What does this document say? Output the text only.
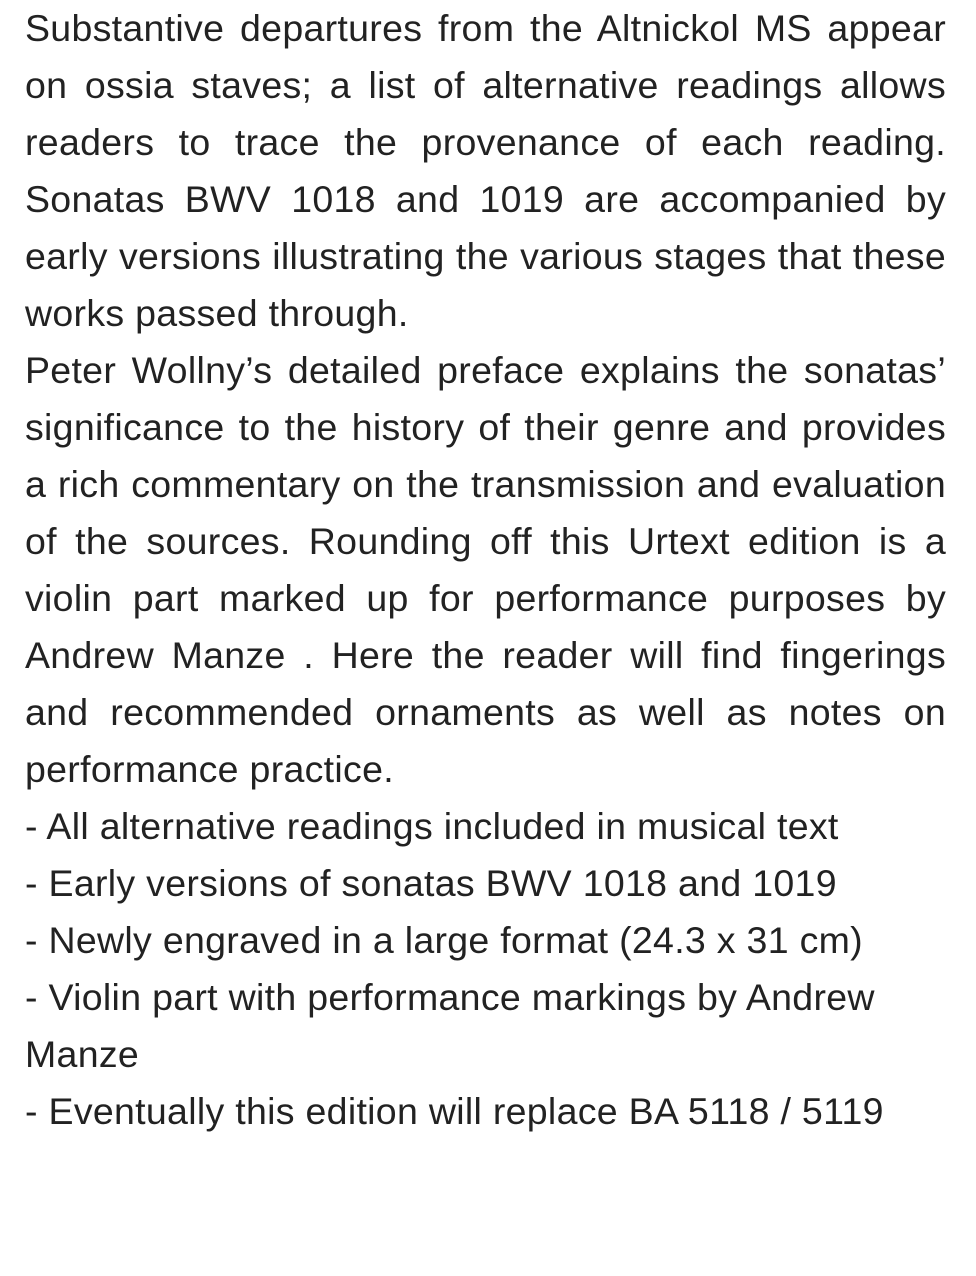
Substantive departures from the Altnickol MS appear on ossia staves; a list of alternative readings allows readers to trace the provenance of each reading. Sonatas BWV 1018 and 1019 are accompanied by early versions illustrating the various stages that these works passed through.

Peter Wollny’s detailed preface explains the sonatas’ significance to the history of their genre and provides a rich commentary on the transmission and evaluation of the sources. Rounding off this Urtext edition is a violin part marked up for performance purposes by Andrew Manze . Here the reader will find fingerings and recommended ornaments as well as notes on performance practice.

- All alternative readings included in musical text
- Early versions of sonatas BWV 1018 and 1019
- Newly engraved in a large format (24.3 x 31 cm)
- Violin part with performance markings by Andrew Manze
- Eventually this edition will replace BA 5118 / 5119
